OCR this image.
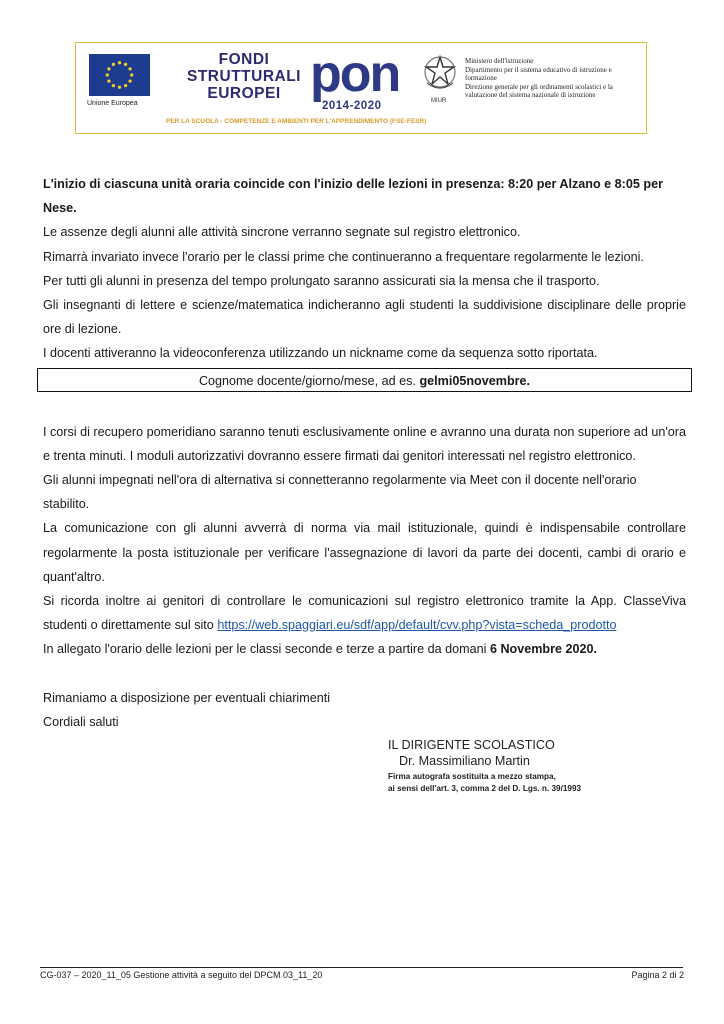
Unione Europea
FONDI
STRUTTURALI
EUROPEI pon
2014-2020
PER LA SCUOLA - COMPETENZE E AMBIENTI PER L'APPRENDIMENTO (FSE-FESR)
MIUR
Ministero dell'istruzione
Dipartimento per il sistema educativo di istruzione e
formazione
Direzione generale per gli ordinamenti scolastici e la
valutazione del sistema nazionale di istruzione

L'inizio di ciascuna unità oraria coincide con l'inizio delle lezioni in presenza: 8:20 per Alzano e 8:05 per Nese.

Le assenze degli alunni alle attività sincrone verranno segnate sul registro elettronico.

Rimarrà invariato invece l'orario per le classi prime che continueranno a frequentare regolarmente le lezioni.

Per tutti gli alunni in presenza del tempo prolungato saranno assicurati sia la mensa che il trasporto.

Gli insegnanti di lettere e scienze/matematica indicheranno agli studenti la suddivisione disciplinare delle proprie ore di lezione.

I docenti attiveranno la videoconferenza utilizzando un nickname come da sequenza sotto riportata.

Cognome docente/giorno/mese, ad es. gelmi05novembre.

I corsi di recupero pomeridiano saranno tenuti esclusivamente online e avranno una durata non superiore ad un'ora e trenta minuti. I moduli autorizzativi dovranno essere firmati dai genitori interessati nel registro elettronico.

Gli alunni impegnati nell'ora di alternativa si connetteranno regolarmente via Meet con il docente nell'orario stabilito.

La comunicazione con gli alunni avverrà di norma via mail istituzionale, quindi è indispensabile controllare regolarmente la posta istituzionale per verificare l'assegnazione di lavori da parte dei docenti, cambi di orario e quant'altro.

Si ricorda inoltre ai genitori di controllare le comunicazioni sul registro elettronico tramite la App. ClasseViva studenti o direttamente sul sito https://web.spaggiari.eu/sdf/app/default/cvv.php?vista=scheda_prodotto

In allegato l'orario delle lezioni per le classi seconde e terze a partire da domani 6 Novembre 2020.

Rimaniamo a disposizione per eventuali chiarimenti

Cordiali saluti

IL DIRIGENTE SCOLASTICO
Dr. Massimiliano Martin
Firma autografa sostituita a mezzo stampa,
ai sensi dell'art. 3, comma 2 del D. Lgs. n. 39/1993
CG-037 – 2020_11_05 Gestione attività a seguito del DPCM 03_11_20	Pagina 2 di 2
